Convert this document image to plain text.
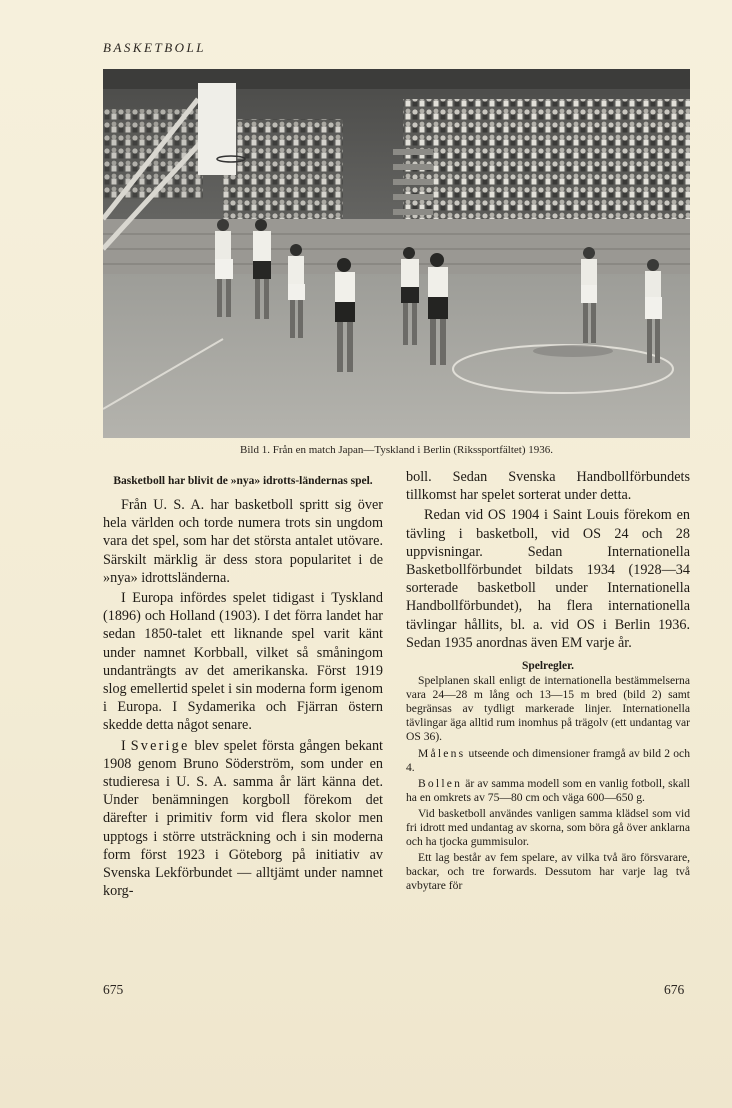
BASKETBOLL
Bild 1. Från en match Japan—Tyskland i Berlin (Rikssportfältet) 1936.
Basketboll har blivit de »nya» idrotts-ländernas spel.

Från U. S. A. har basketboll spritt sig över hela världen och torde numera trots sin ungdom vara det spel, som har det största antalet utövare. Särskilt märklig är dess stora popularitet i de »nya» idrottsländerna.

I Europa infördes spelet tidigast i Tyskland (1896) och Holland (1903). I det förra landet har sedan 1850-talet ett liknande spel varit känt under namnet Korbball, vilket så småningom undanträngts av det amerikanska. Först 1919 slog emellertid spelet i sin moderna form igenom i Europa. I Sydamerika och Fjärran östern skedde detta något senare.

I Sverige blev spelet första gången bekant 1908 genom Bruno Söderström, som under en studieresa i U. S. A. samma år lärt känna det. Under benämningen korgboll förekom det därefter i primitiv form vid flera skolor men upptogs i större utsträckning och i sin moderna form först 1923 i Göteborg på initiativ av Svenska Lekförbundet — alltjämt under namnet korg-

boll. Sedan Svenska Handbollförbundets tillkomst har spelet sorterat under detta.

Redan vid OS 1904 i Saint Louis förekom en tävling i basketboll, vid OS 24 och 28 uppvisningar. Sedan Internationella Basketbollförbundet bildats 1934 (1928—34 sorterade basketboll under Internationella Handbollförbundet), ha flera internationella tävlingar hållits, bl. a. vid OS i Berlin 1936. Sedan 1935 anordnas även EM varje år.

Spelregler.

Spelplanen skall enligt de internationella bestämmelserna vara 24—28 m lång och 13—15 m bred (bild 2) samt begränsas av tydligt markerade linjer. Internationella tävlingar äga alltid rum inomhus på trägolv (ett undantag var OS 36).

Målens utseende och dimensioner framgå av bild 2 och 4.

Bollen är av samma modell som en vanlig fotboll, skall ha en omkrets av 75—80 cm och väga 600—650 g.

Vid basketboll användes vanligen samma klädsel som vid fri idrott med undantag av skorna, som böra gå över anklarna och ha tjocka gummisulor.

Ett lag består av fem spelare, av vilka två äro försvarare, backar, och tre forwards. Dessutom har varje lag två avbytare för

675	676
